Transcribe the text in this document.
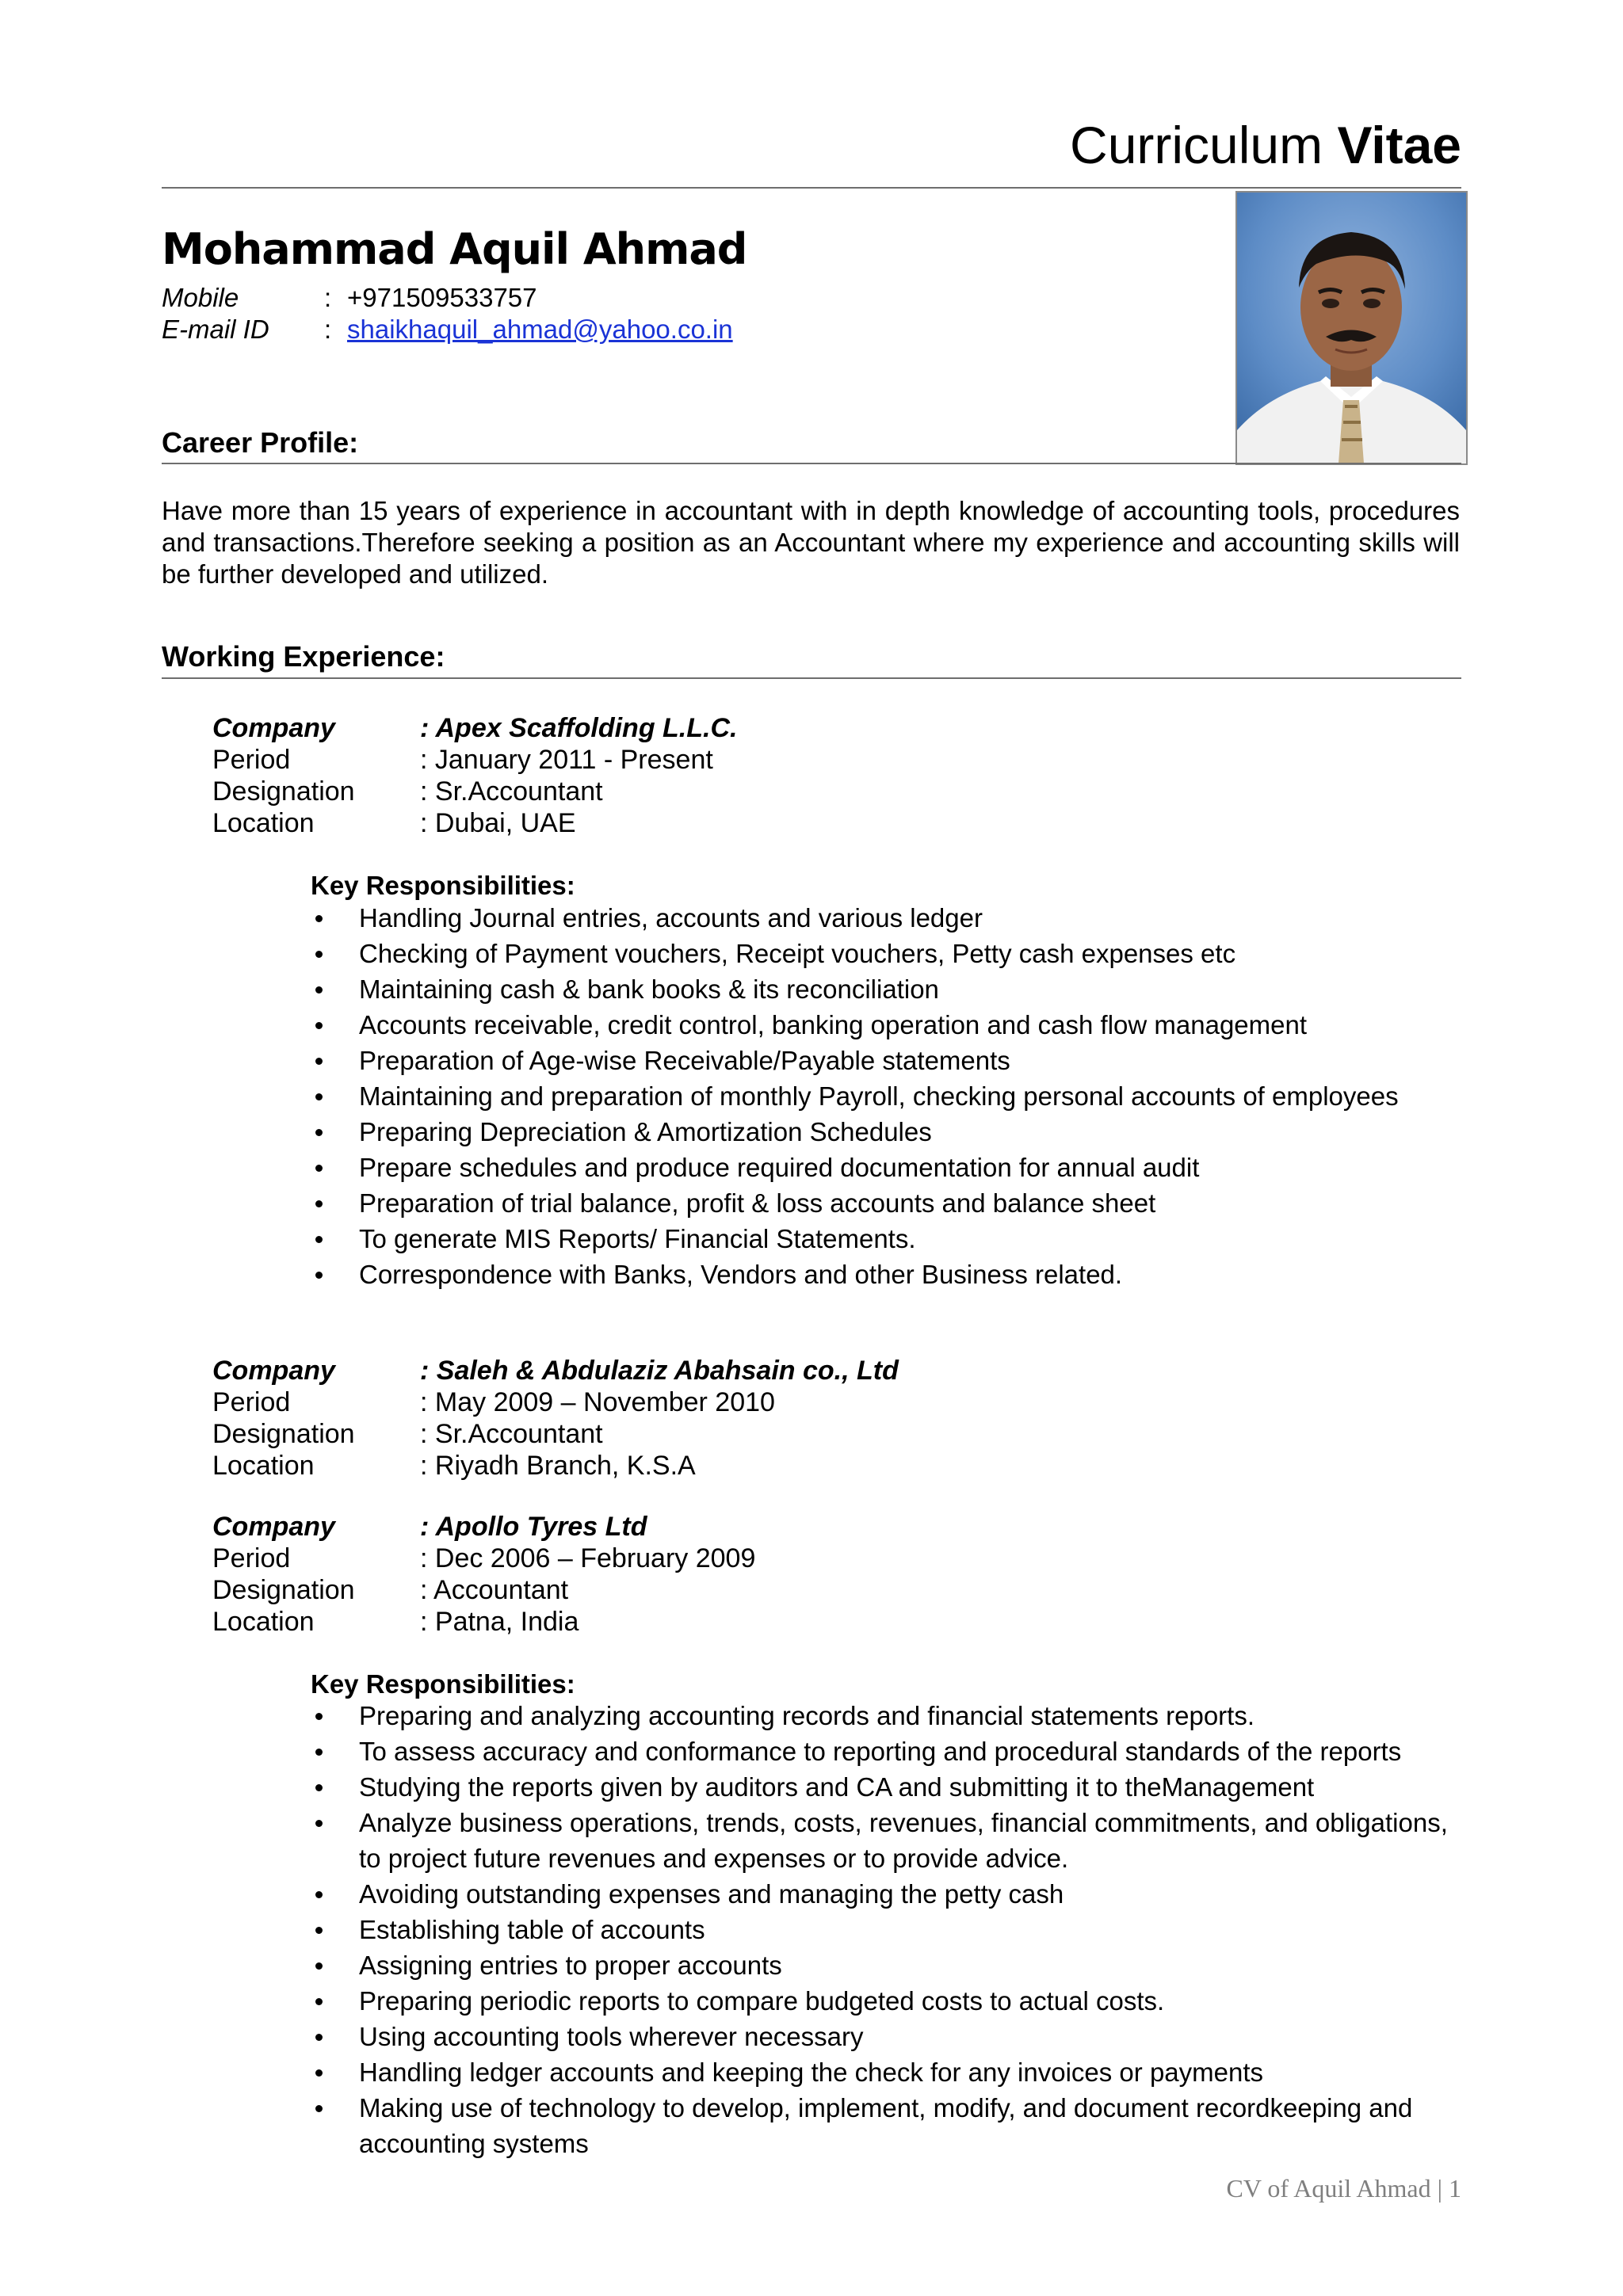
Curriculum Vitae
Mohammad Aquil Ahmad
Mobile	: +971509533757
E-mail ID : shaikhaquil_ahmad@yahoo.co.in
Career Profile:
Have more than 15 years of experience in accountant with in depth knowledge of accounting tools, procedures and transactions.Therefore seeking a position as an Accountant where my experience and accounting skills will be further developed and utilized.
Working Experience:
Company	: Apex Scaffolding L.L.C.
Period	: January 2011 - Present
Designation : Sr.Accountant
Location	: Dubai, UAE
Key Responsibilities:
Handling Journal entries, accounts and various ledger
Checking of Payment vouchers, Receipt vouchers, Petty cash expenses etc
Maintaining cash & bank books & its reconciliation
Accounts receivable, credit control, banking operation and cash flow management
Preparation of Age-wise Receivable/Payable statements
Maintaining and preparation of monthly Payroll, checking personal accounts of employees
Preparing Depreciation & Amortization Schedules
Prepare schedules and produce required documentation for annual audit
Preparation of trial balance, profit & loss accounts and balance sheet
To generate MIS Reports/ Financial Statements.
Correspondence with Banks, Vendors and other Business related.
Company	: Saleh & Abdulaziz Abahsain co., Ltd
Period	: May 2009 – November 2010
Designation : Sr.Accountant
Location	: Riyadh Branch, K.S.A
Company	: Apollo Tyres Ltd
Period	: Dec 2006 – February 2009
Designation : Accountant
Location	: Patna, India
Key Responsibilities:
Preparing and analyzing accounting records and financial statements reports.
To assess accuracy and conformance to reporting and procedural standards of the reports
Studying the reports given by auditors and CA and submitting it to theManagement
Analyze business operations, trends, costs, revenues, financial commitments, and obligations, to project future revenues and expenses or to provide advice.
Avoiding outstanding expenses and managing the petty cash
Establishing table of accounts
Assigning entries to proper accounts
Preparing periodic reports to compare budgeted costs to actual costs.
Using accounting tools wherever necessary
Handling ledger accounts and keeping the check for any invoices or payments
Making use of technology to develop, implement, modify, and document recordkeeping and accounting systems
CV of Aquil Ahmad | 1
